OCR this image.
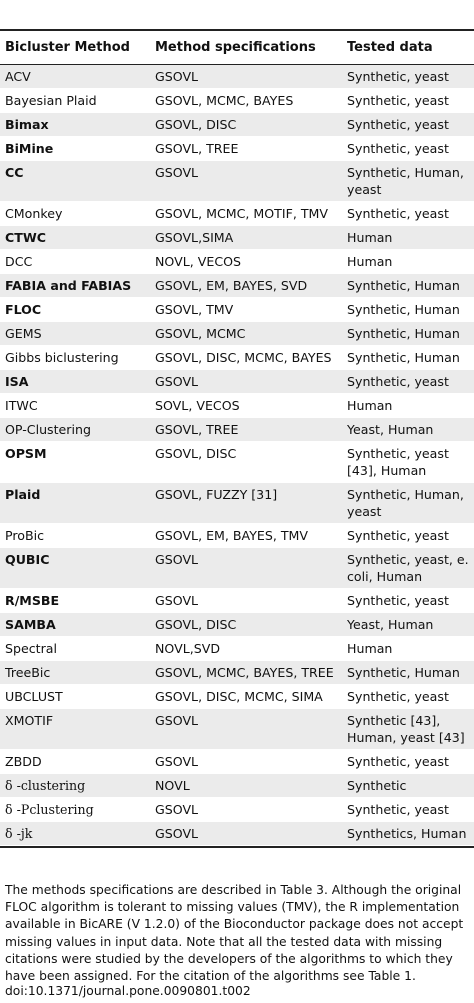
Bicluster Method	Method specifications	Tested data
ACV	GSOVL	Synthetic, yeast
Bayesian Plaid	GSOVL, MCMC, BAYES	Synthetic, yeast
Bimax	GSOVL, DISC	Synthetic, yeast
BiMine	GSOVL, TREE	Synthetic, yeast
CC	GSOVL	Synthetic, Human, yeast
CMonkey	GSOVL, MCMC, MOTIF, TMV	Synthetic, yeast
CTWC	GSOVL,SIMA	Human
DCC	NOVL, VECOS	Human
FABIA and FABIAS	GSOVL, EM, BAYES, SVD	Synthetic, Human
FLOC	GSOVL, TMV	Synthetic, Human
GEMS	GSOVL, MCMC	Synthetic, Human
Gibbs biclustering	GSOVL, DISC, MCMC, BAYES	Synthetic, Human
ISA	GSOVL	Synthetic, yeast
ITWC	SOVL, VECOS	Human
OP-Clustering	GSOVL, TREE	Yeast, Human
OPSM	GSOVL, DISC	Synthetic, yeast [43], Human
Plaid	GSOVL, FUZZY [31]	Synthetic, Human, yeast
ProBic	GSOVL, EM, BAYES, TMV	Synthetic, yeast
QUBIC	GSOVL	Synthetic, yeast, e. coli, Human
R/MSBE	GSOVL	Synthetic, yeast
SAMBA	GSOVL, DISC	Yeast, Human
Spectral	NOVL,SVD	Human
TreeBic	GSOVL, MCMC, BAYES, TREE	Synthetic, Human
UBCLUST	GSOVL, DISC, MCMC, SIMA	Synthetic, yeast
XMOTIF	GSOVL	Synthetic [43], Human, yeast [43]
ZBDD	GSOVL	Synthetic, yeast
δ -clustering	NOVL	Synthetic
δ -Pclustering	GSOVL	Synthetic, yeast
δ -jk	GSOVL	Synthetics, Human
The methods specifications are described in Table 3. Although the original FLOC algorithm is tolerant to missing values (TMV), the R implementation available in BicARE (V 1.2.0) of the Bioconductor package does not accept missing values in input data. Note that all the tested data with missing citations were studied by the developers of the algorithms to which they have been assigned. For the citation of the algorithms see Table 1.
doi:10.1371/journal.pone.0090801.t002
